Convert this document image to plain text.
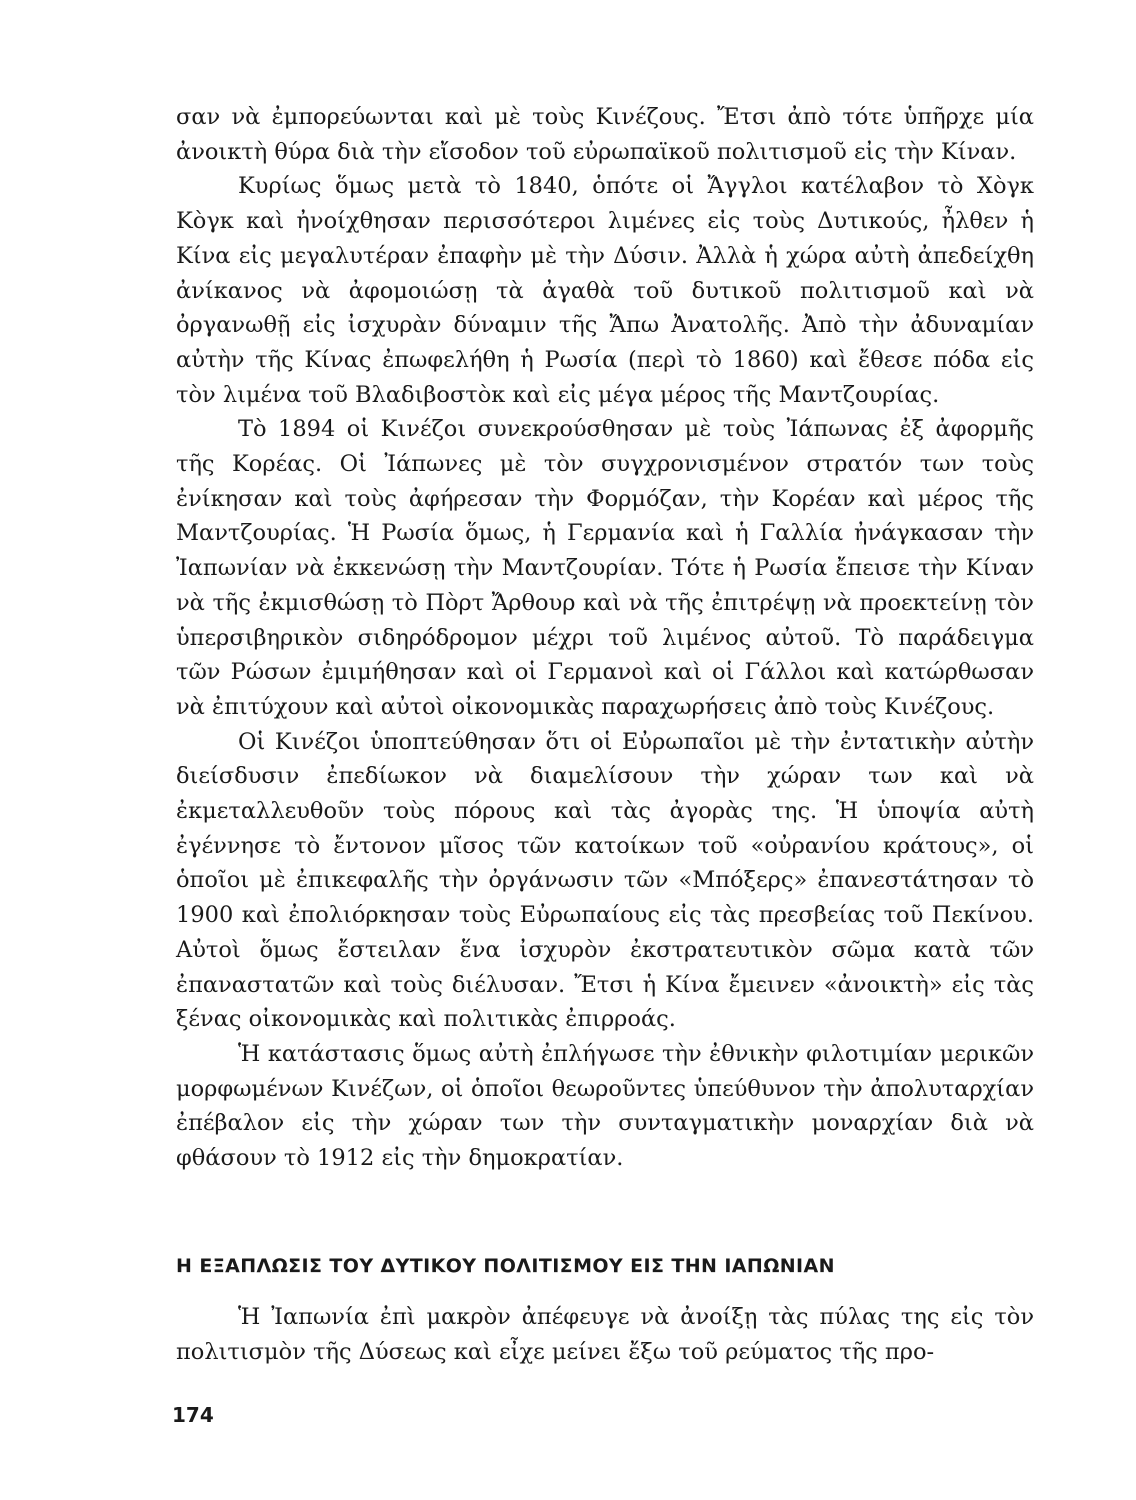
σαν νὰ ἐμπορεύωνται καὶ μὲ τοὺς Κινέζους. Ἔτσι ἀπὸ τότε ὑπῆρχε μία ἀνοικτὴ θύρα διὰ τὴν εἴσοδον τοῦ εὐρωπαϊκοῦ πολιτισμοῦ εἰς τὴν Κίναν.

Κυρίως ὅμως μετὰ τὸ 1840, ὁπότε οἱ Ἄγγλοι κατέλαβον τὸ Χὸγκ Κὸγκ καὶ ἠνοίχθησαν περισσότεροι λιμένες εἰς τοὺς Δυτικούς, ἦλθεν ἡ Κίνα εἰς μεγαλυτέραν ἐπαφὴν μὲ τὴν Δύσιν. Ἀλλὰ ἡ χώρα αὐτὴ ἀπεδείχθη ἀνίκανος νὰ ἀφομοιώσῃ τὰ ἀγαθὰ τοῦ δυτικοῦ πολιτισμοῦ καὶ νὰ ὀργανωθῇ εἰς ἰσχυρὰν δύναμιν τῆς Ἄπω Ἀνατολῆς. Ἀπὸ τὴν ἀδυναμίαν αὐτὴν τῆς Κίνας ἐπωφελήθη ἡ Ρωσία (περὶ τὸ 1860) καὶ ἔθεσε πόδα εἰς τὸν λιμένα τοῦ Βλαδιβοστὸκ καὶ εἰς μέγα μέρος τῆς Μαντζουρίας.

Τὸ 1894 οἱ Κινέζοι συνεκρούσθησαν μὲ τοὺς Ἰάπωνας ἐξ ἀφορμῆς τῆς Κορέας. Οἱ Ἰάπωνες μὲ τὸν συγχρονισμένον στρατόν των τοὺς ἐνίκησαν καὶ τοὺς ἀφήρεσαν τὴν Φορμόζαν, τὴν Κορέαν καὶ μέρος τῆς Μαντζουρίας. Ἡ Ρωσία ὅμως, ἡ Γερμανία καὶ ἡ Γαλλία ἠνάγκασαν τὴν Ἰαπωνίαν νὰ ἐκκενώσῃ τὴν Μαντζουρίαν. Τότε ἡ Ρωσία ἔπεισε τὴν Κίναν νὰ τῆς ἐκμισθώσῃ τὸ Πὸρτ Ἄρθουρ καὶ νὰ τῆς ἐπιτρέψῃ νὰ προεκτείνῃ τὸν ὑπερσιβηρικὸν σιδηρόδρομον μέχρι τοῦ λιμένος αὐτοῦ. Τὸ παράδειγμα τῶν Ρώσων ἐμιμήθησαν καὶ οἱ Γερμανοὶ καὶ οἱ Γάλλοι καὶ κατώρθωσαν νὰ ἐπιτύχουν καὶ αὐτοὶ οἰκονομικὰς παραχωρήσεις ἀπὸ τοὺς Κινέζους.

Οἱ Κινέζοι ὑποπτεύθησαν ὅτι οἱ Εὐρωπαῖοι μὲ τὴν ἐντατικὴν αὐτὴν διείσδυσιν ἐπεδίωκον νὰ διαμελίσουν τὴν χώραν των καὶ νὰ ἐκμεταλλευθοῦν τοὺς πόρους καὶ τὰς ἀγορὰς της. Ἡ ὑποψία αὐτὴ ἐγέννησε τὸ ἔντονον μῖσος τῶν κατοίκων τοῦ «οὐρανίου κράτους», οἱ ὁποῖοι μὲ ἐπικεφαλῆς τὴν ὀργάνωσιν τῶν «Μπόξερς» ἐπανεστάτησαν τὸ 1900 καὶ ἐπολιόρκησαν τοὺς Εὐρωπαίους εἰς τὰς πρεσβείας τοῦ Πεκίνου. Αὐτοὶ ὅμως ἔστειλαν ἕνα ἰσχυρὸν ἐκστρατευτικὸν σῶμα κατὰ τῶν ἐπαναστατῶν καὶ τοὺς διέλυσαν. Ἔτσι ἡ Κίνα ἔμεινεν «ἀνοικτὴ» εἰς τὰς ξένας οἰκονομικὰς καὶ πολιτικὰς ἐπιρροάς.

Ἡ κατάστασις ὅμως αὐτὴ ἐπλήγωσε τὴν ἐθνικὴν φιλοτιμίαν μερικῶν μορφωμένων Κινέζων, οἱ ὁποῖοι θεωροῦντες ὑπεύθυνον τὴν ἀπολυταρχίαν ἐπέβαλον εἰς τὴν χώραν των τὴν συνταγματικὴν μοναρχίαν διὰ νὰ φθάσουν τὸ 1912 εἰς τὴν δημοκρατίαν.

Η ΕΞΑΠΛΩΣΙΣ ΤΟΥ ΔΥΤΙΚΟΥ ΠΟΛΙΤΙΣΜΟΥ ΕΙΣ ΤΗΝ ΙΑΠΩΝΙΑΝ

Ἡ Ἰαπωνία ἐπὶ μακρὸν ἀπέφευγε νὰ ἀνοίξῃ τὰς πύλας της εἰς τὸν πολιτισμὸν τῆς Δύσεως καὶ εἶχε μείνει ἔξω τοῦ ρεύματος τῆς προ-

174
